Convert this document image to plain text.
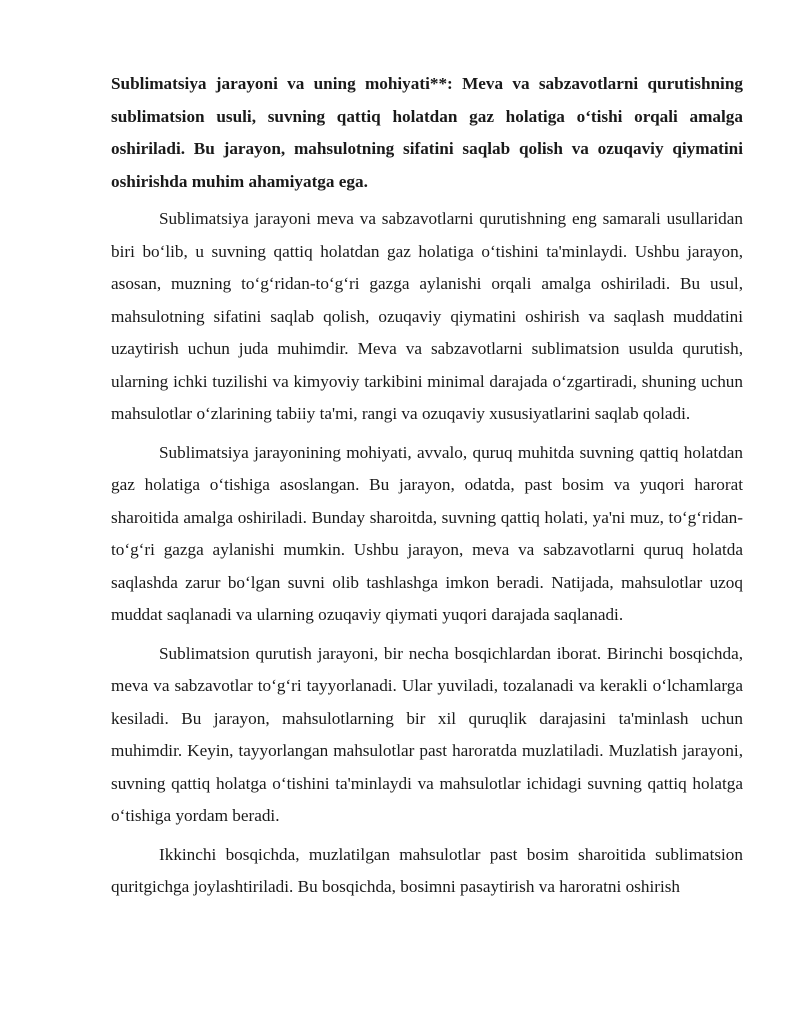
Sublimatsiya jarayoni va uning mohiyati**: Meva va sabzavotlarni qurutishning sublimatsion usuli, suvning qattiq holatdan gaz holatiga o‘tishi orqali amalga oshiriladi. Bu jarayon, mahsulotning sifatini saqlab qolish va ozuqaviy qiymatini oshirishda muhim ahamiyatga ega.

Sublimatsiya jarayoni meva va sabzavotlarni qurutishning eng samarali usullaridan biri bo‘lib, u suvning qattiq holatdan gaz holatiga o‘tishini ta'minlaydi. Ushbu jarayon, asosan, muzning to‘g‘ridan-to‘g‘ri gazga aylanishi orqali amalga oshiriladi. Bu usul, mahsulotning sifatini saqlab qolish, ozuqaviy qiymatini oshirish va saqlash muddatini uzaytirish uchun juda muhimdir. Meva va sabzavotlarni sublimatsion usulda qurutish, ularning ichki tuzilishi va kimyoviy tarkibini minimal darajada o‘zgartiradi, shuning uchun mahsulotlar o‘zlarining tabiiy ta'mi, rangi va ozuqaviy xususiyatlarini saqlab qoladi.

Sublimatsiya jarayonining mohiyati, avvalo, quruq muhitda suvning qattiq holatdan gaz holatiga o‘tishiga asoslangan. Bu jarayon, odatda, past bosim va yuqori harorat sharoitida amalga oshiriladi. Bunday sharoitda, suvning qattiq holati, ya'ni muz, to‘g‘ridan-to‘g‘ri gazga aylanishi mumkin. Ushbu jarayon, meva va sabzavotlarni quruq holatda saqlashda zarur bo‘lgan suvni olib tashlashga imkon beradi. Natijada, mahsulotlar uzoq muddat saqlanadi va ularning ozuqaviy qiymati yuqori darajada saqlanadi.

Sublimatsion qurutish jarayoni, bir necha bosqichlardan iborat. Birinchi bosqichda, meva va sabzavotlar to‘g‘ri tayyorlanadi. Ular yuviladi, tozalanadi va kerakli o‘lchamlarga kesiladi. Bu jarayon, mahsulotlarning bir xil quruqlik darajasini ta'minlash uchun muhimdir. Keyin, tayyorlangan mahsulotlar past haroratda muzlatiladi. Muzlatish jarayoni, suvning qattiq holatga o‘tishini ta'minlaydi va mahsulotlar ichidagi suvning qattiq holatga o‘tishiga yordam beradi.

Ikkinchi bosqichda, muzlatilgan mahsulotlar past bosim sharoitida sublimatsion quritgichga joylashtiriladi. Bu bosqichda, bosimni pasaytirish va haroratni oshirish
